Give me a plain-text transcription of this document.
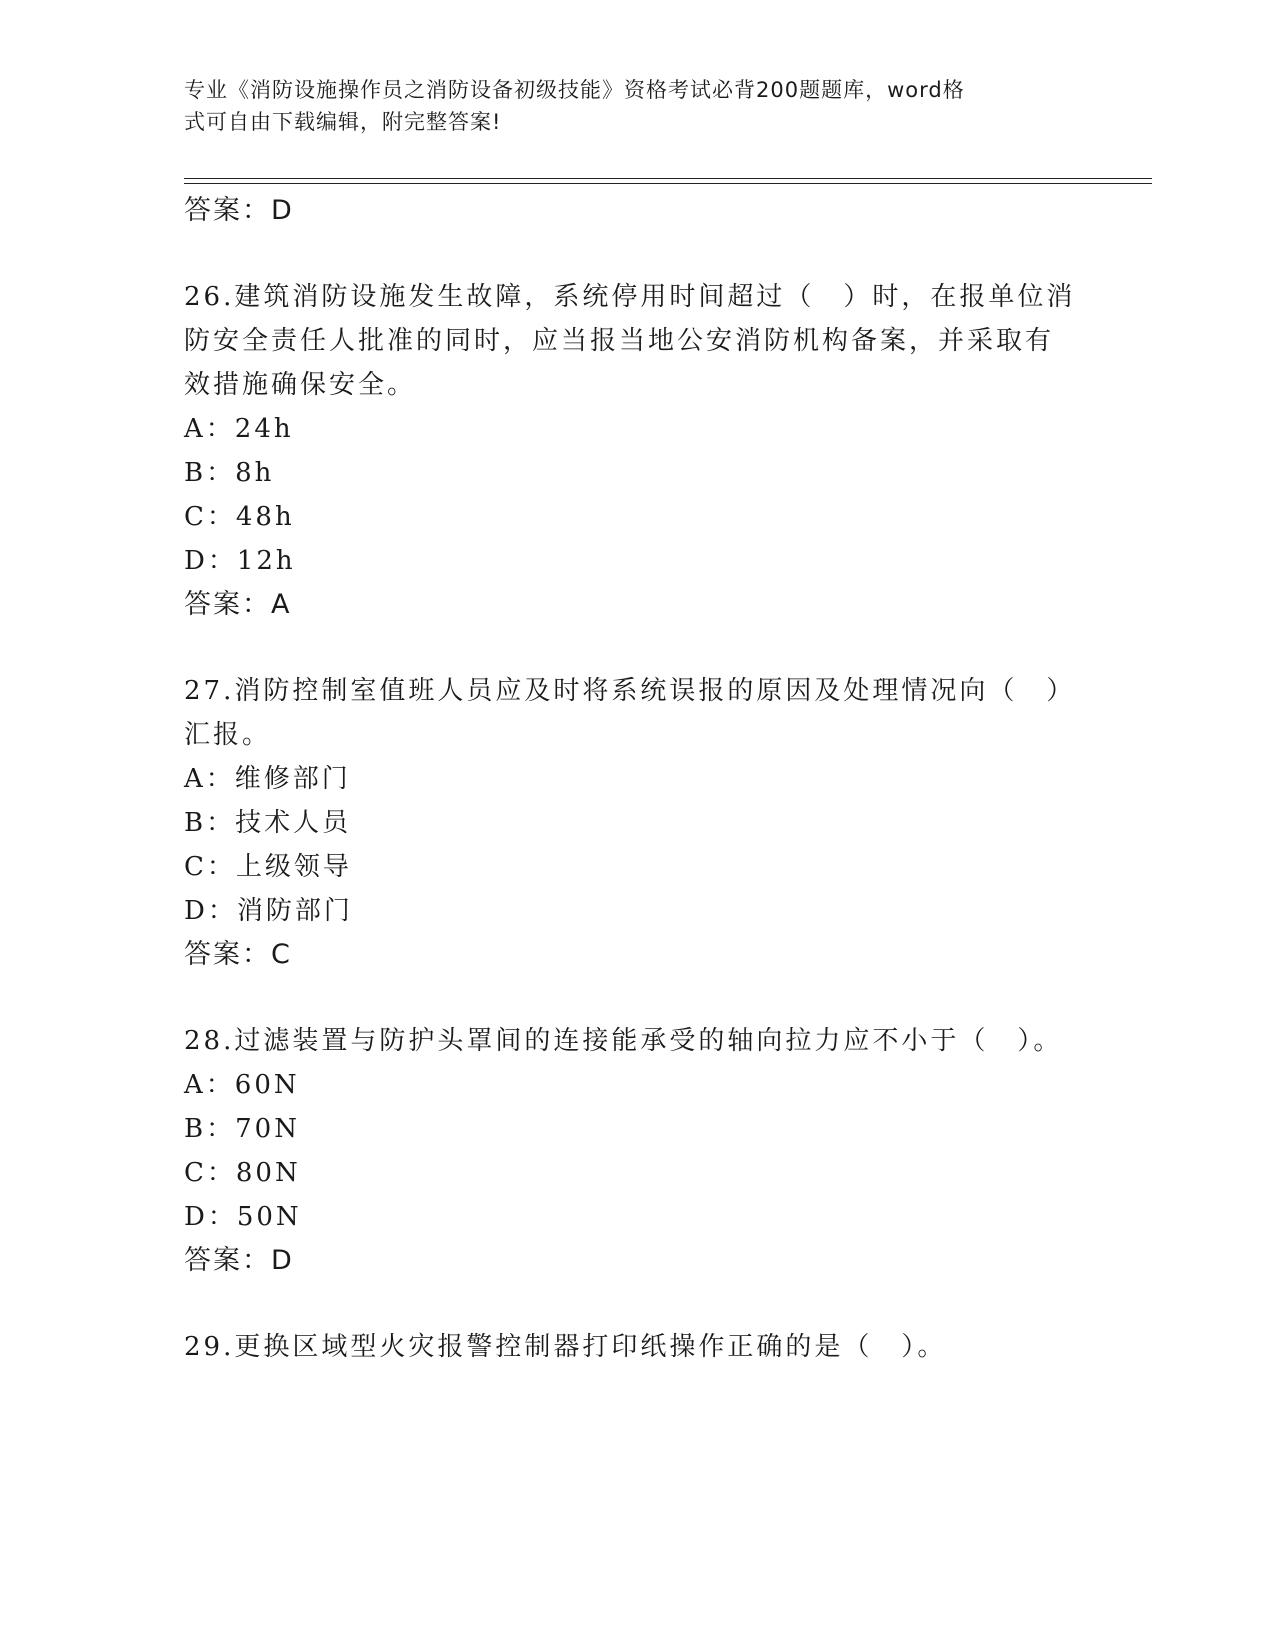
专业《消防设施操作员之消防设备初级技能》资格考试必背200题题库，word格
式可自由下载编辑，附完整答案!
答案：D
26.建筑消防设施发生故障，系统停用时间超过（　）时，在报单位消
防安全责任人批准的同时，应当报当地公安消防机构备案，并采取有
效措施确保安全。
A：24h
B：8h
C：48h
D：12h
答案：A
27.消防控制室值班人员应及时将系统误报的原因及处理情况向（　）
汇报。
A：维修部门
B：技术人员
C：上级领导
D：消防部门
答案：C
28.过滤装置与防护头罩间的连接能承受的轴向拉力应不小于（　）。
A：60N
B：70N
C：80N
D：50N
答案：D
29.更换区域型火灾报警控制器打印纸操作正确的是（　）。
